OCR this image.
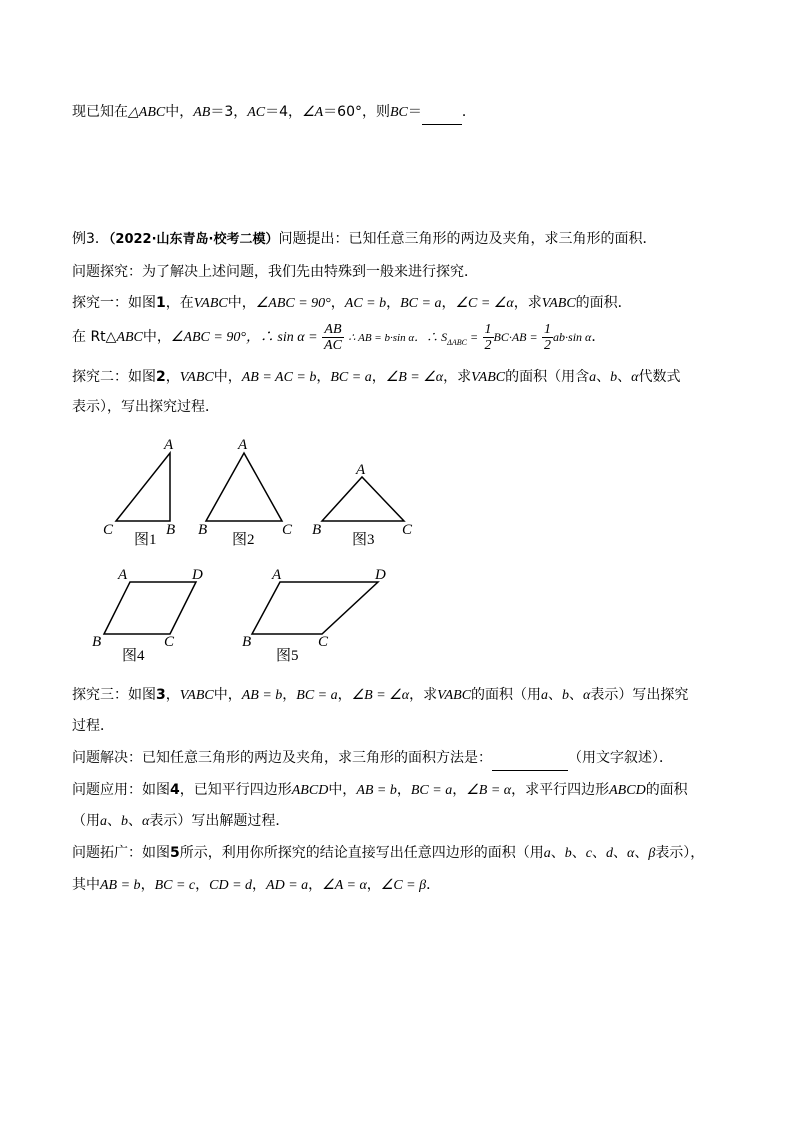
现已知在△ABC中，AB＝3，AC＝4，∠A＝60°，则BC＝	．
例3．（2022·山东青岛·校考二模）问题提出：已知任意三角形的两边及夹角，求三角形的面积．
问题探究：为了解决上述问题，我们先由特殊到一般来进行探究．
探究一：如图1，在VABC中，∠ABC = 90°，AC = b，BC = a，∠C = ∠α，求VABC的面积．
在 Rt△ABC中，∠ABC = 90°，∴ $\sin \alpha = \frac{AB}{AC}$ ∴ AB = b·sin α．∴ $S_{\Delta ABC} = \frac{1}{2} BC\cdot AB = \frac{1}{2} ab\cdot\sin$ α．
探究二：如图2，VABC中，AB = AC = b，BC = a，∠B = ∠α，求VABC的面积（用含a、b、α代数式
表示），写出探究过程．
A
C	B
图1
A
B	C
图2
A
B	C
图3
A	D
B	C
图4
A	D
B	C
图5
探究三：如图3，VABC中，AB = b，BC = a，∠B = ∠α，求VABC的面积（用a、b、α表示）写出探究
过程．
问题解决：已知任意三角形的两边及夹角，求三角形的面积方法是：	（用文字叙述）．
问题应用：如图4，已知平行四边形ABCD中，AB = b，BC = a，∠B = α，求平行四边形ABCD的面积
（用a、b、α表示）写出解题过程．
问题拓广：如图5所示，利用你所探究的结论直接写出任意四边形的面积（用a、b、c、d、α、β表示），
其中AB = b，BC = c，CD = d，AD = a，∠A = α，∠C = β．
